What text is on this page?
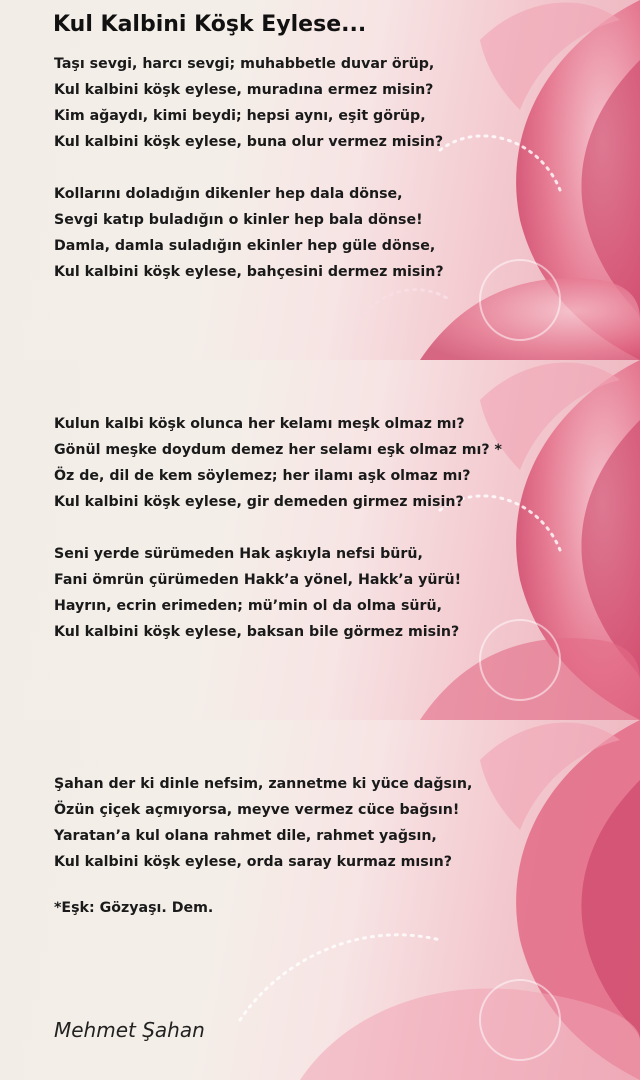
Kul Kalbini Köşk Eylese...
Taşı sevgi, harcı sevgi; muhabbetle duvar örüp,
Kul kalbini köşk eylese, muradına ermez misin?
Kim ağaydı, kimi beydi; hepsi aynı, eşit görüp,
Kul kalbini köşk eylese, buna olur vermez misin?
Kollarını doladığın dikenler hep dala dönse,
Sevgi katıp buladığın o kinler hep bala dönse!
Damla, damla suladığın ekinler hep güle dönse,
Kul kalbini köşk eylese, bahçesini dermez misin?
Kulun kalbi köşk olunca her kelamı meşk olmaz mı?
Gönül meşke doydum demez her selamı eşk olmaz mı? *
Öz de, dil de kem söylemez; her ilamı aşk olmaz mı?
Kul kalbini köşk eylese, gir demeden girmez misin?
Seni yerde sürümeden Hak aşkıyla nefsi bürü,
Fani ömrün çürümeden Hakk’a yönel, Hakk’a yürü!
Hayrın, ecrin erimeden; mü’min ol da olma sürü,
Kul kalbini köşk eylese, baksan bile görmez misin?
Şahan der ki dinle nefsim, zannetme ki yüce dağsın,
Özün çiçek açmıyorsa, meyve vermez cüce bağsın!
Yaratan’a kul olana rahmet dile, rahmet yağsın,
Kul kalbini köşk eylese, orda saray kurmaz mısın?
*Eşk: Gözyaşı. Dem.
Mehmet Şahan
